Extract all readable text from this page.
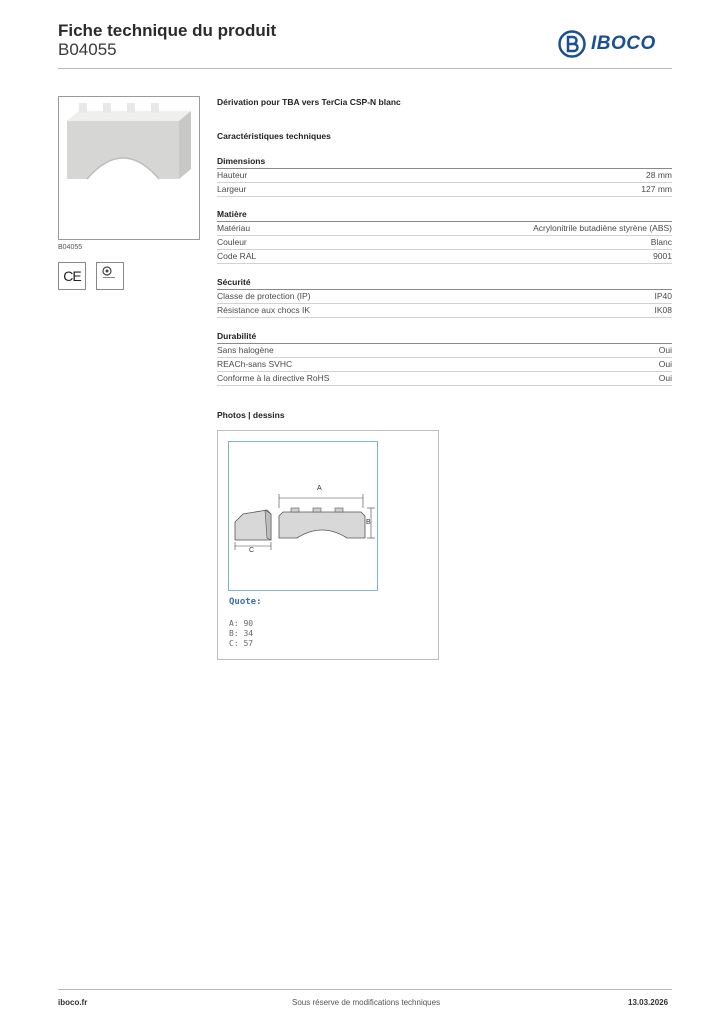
Fiche technique du produit
B04055	IBOCO
B04055
CE
Dérivation pour TBA vers TerCia CSP-N blanc
Caractéristiques techniques
Dimensions
Hauteur	28 mm
Largeur	127 mm
Matière
Matériau	Acrylonitrile butadiène styrène (ABS)
Couleur	Blanc
Code RAL	9001
Sécurité
Classe de protection (IP)	IP40
Résistance aux chocs IK	IK08
Durabilité
Sans halogène	Oui
REACh-sans SVHC	Oui
Conforme à la directive RoHS	Oui
Photos | dessins
A
B
C
Quote:
A: 90
B: 34
C: 57
iboco.fr	Sous réserve de modifications techniques	13.03.2026
